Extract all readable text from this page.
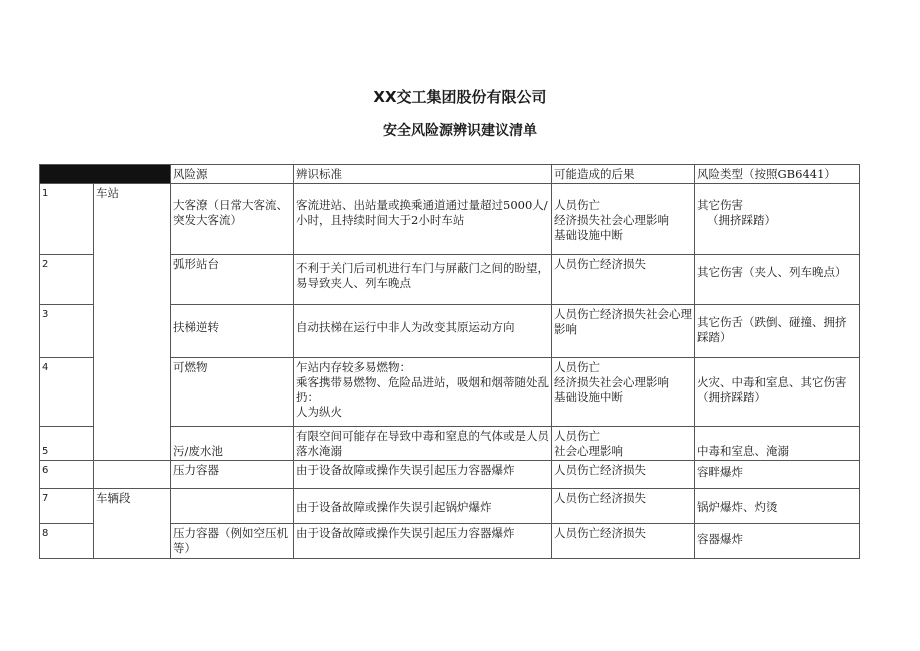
XX交工集团股份有限公司
安全风险源辨识建议清单
		风险源	辨识标准	可能造成的后果	风险类型（按照GB6441）

1	车站	大客潦（日常大客流、突发大客流）	客流进站、出站量或换乘通道通过量超过5000人/小时，且持续时间大于2小时车站	人员伤亡
经济损失社会心理影响
基础设施中断	其它伤害
（拥挤踩踏）

2		弧形站台	不利于关门后司机进行车门与屏蔽门之间的盼望，易导致夹人、列车晚点	人员伤亡经济损失	其它伤害（夹人、列车晚点）

3		扶梯逆转	自动扶梯在运行中非人为改变其原运动方向	人员伤亡经济损失社会心理影响	其它伤舌（跌倒、碰撞、拥挤踩踏）

4		可燃物	乍站内存较多易燃物：
乘客携带易燃物、危险品进站，吸烟和烟蒂随处乱扔：
人为纵火	人员伤亡
经济损失社会心理影响
基础设施中断	火灾、中毒和室息、其它伤害（拥挤踩踏）

5		污/废水池	有限空间可能存在导致中毒和窒息的气体或是人员落水淹溺	人员伤亡
社会心理影响	中毒和室息、淹溺

6		压力容器	由于设备故障或操作失误引起压力容器爆炸	人员伤亡经济损失	容畔爆炸

7	车辆段		由于设备故障或操作失误引起锅炉爆炸	人员伤亡经济损失	锅炉爆炸、灼烫

8		压力容器（例如空压机等）	由于设备故障或操作失误引起压力容器爆炸	人员伤亡经济损失	容器爆炸
